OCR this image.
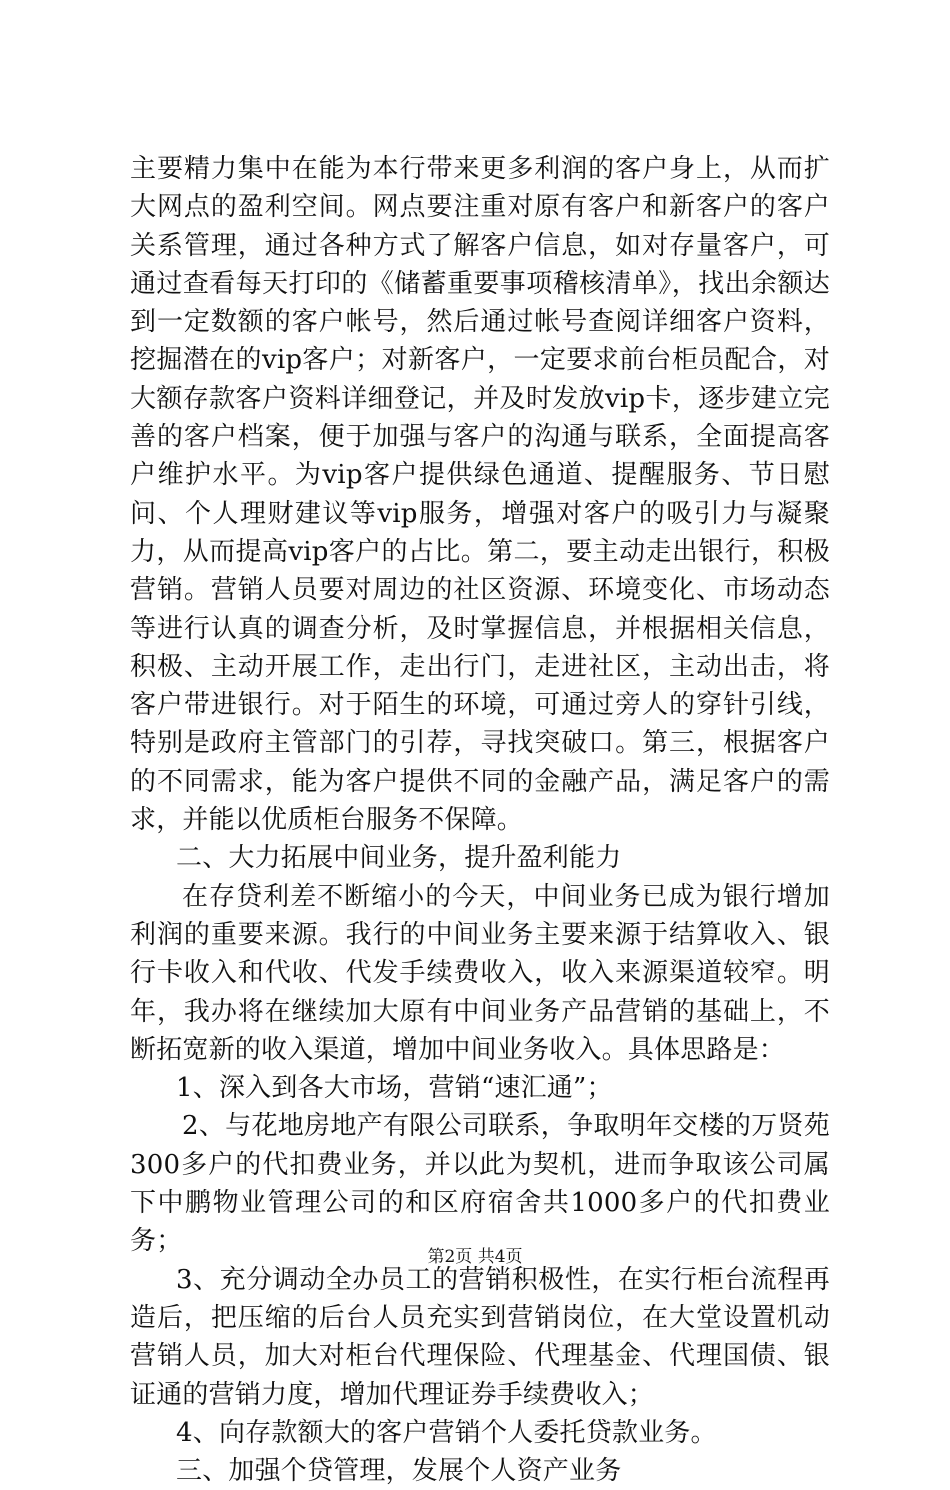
主要精力集中在能为本行带来更多利润的客户身上，从而扩大网点的盈利空间。网点要注重对原有客户和新客户的客户关系管理，通过各种方式了解客户信息，如对存量客户，可通过查看每天打印的《储蓄重要事项稽核清单》，找出余额达到一定数额的客户帐号，然后通过帐号查阅详细客户资料，挖掘潜在的vip客户；对新客户，一定要求前台柜员配合，对大额存款客户资料详细登记，并及时发放vip卡，逐步建立完善的客户档案，便于加强与客户的沟通与联系，全面提高客户维护水平。为vip客户提供绿色通道、提醒服务、节日慰问、个人理财建议等vip服务，增强对客户的吸引力与凝聚力，从而提高vip客户的占比。第二，要主动走出银行，积极营销。营销人员要对周边的社区资源、环境变化、市场动态等进行认真的调查分析，及时掌握信息，并根据相关信息，积极、主动开展工作，走出行门，走进社区，主动出击，将客户带进银行。对于陌生的环境，可通过旁人的穿针引线，特别是政府主管部门的引荐，寻找突破口。第三，根据客户的不同需求，能为客户提供不同的金融产品，满足客户的需求，并能以优质柜台服务不保障。

二、大力拓展中间业务，提升盈利能力

在存贷利差不断缩小的今天，中间业务已成为银行增加利润的重要来源。我行的中间业务主要来源于结算收入、银行卡收入和代收、代发手续费收入，收入来源渠道较窄。明年，我办将在继续加大原有中间业务产品营销的基础上，不断拓宽新的收入渠道，增加中间业务收入。具体思路是：

1、深入到各大市场，营销“速汇通”；

2、与花地房地产有限公司联系，争取明年交楼的万贤苑300多户的代扣费业务，并以此为契机，进而争取该公司属下中鹏物业管理公司的和区府宿舍共1000多户的代扣费业务；

3、充分调动全办员工的营销积极性，在实行柜台流程再造后，把压缩的后台人员充实到营销岗位，在大堂设置机动营销人员，加大对柜台代理保险、代理基金、代理国债、银证通的营销力度，增加代理证券手续费收入；

4、向存款额大的客户营销个人委托贷款业务。

三、加强个贷管理，发展个人资产业务

第2页 共4页
